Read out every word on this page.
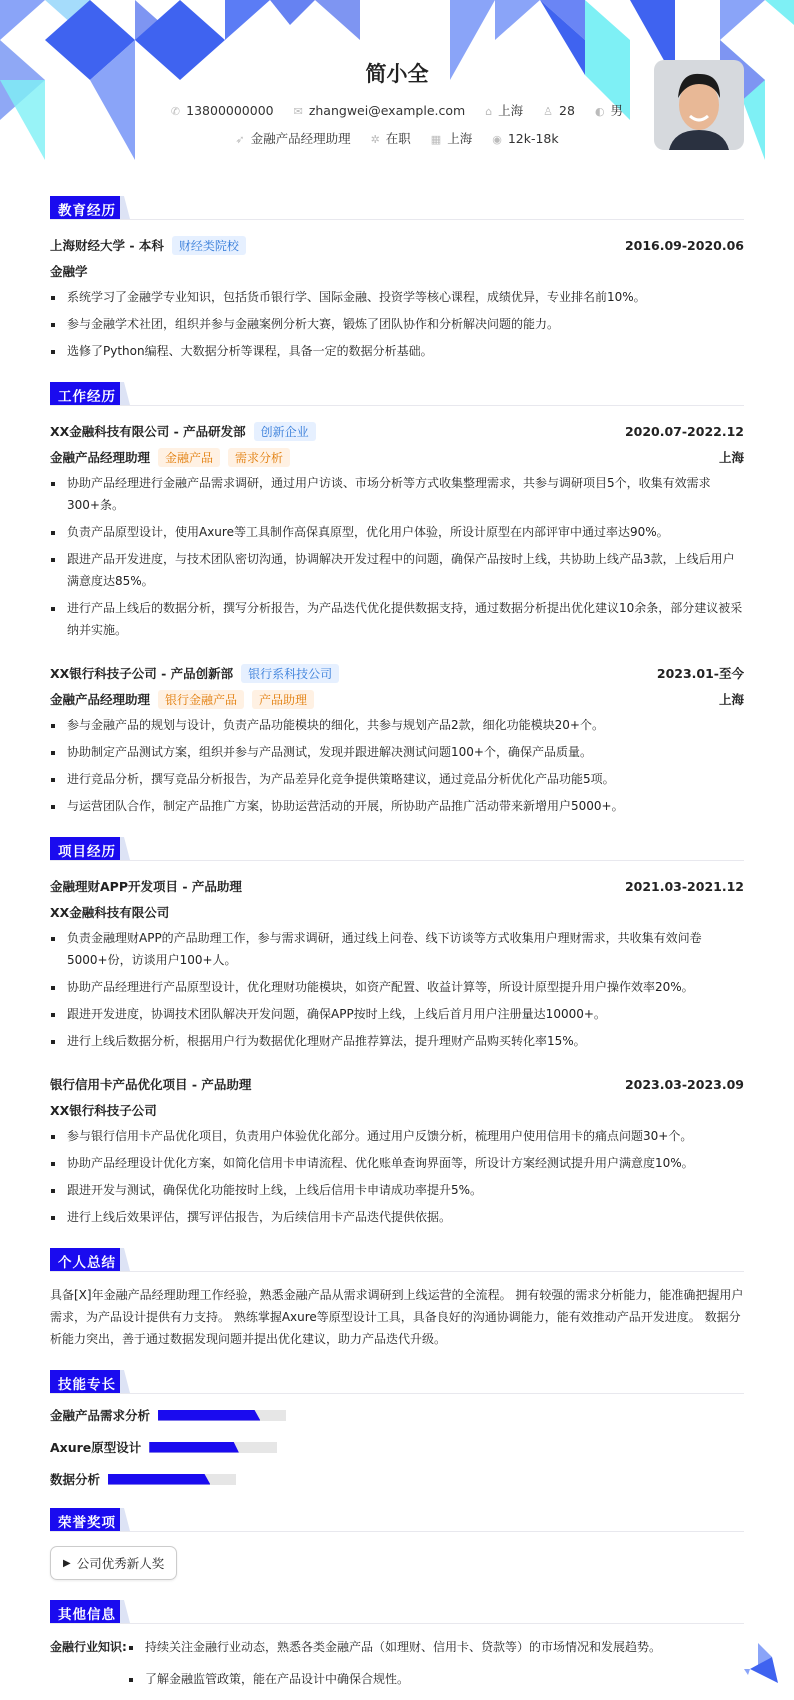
简小全
✆ 13800000000 ✉ zhangwei@example.com ⌂ 上海 ♙ 28 ◐ 男
➶ 金融产品经理助理 ✲ 在职 ▦ 上海 ◉ 12k-18k
教育经历
上海财经大学 - 本科	财经类院校	2016.09-2020.06
金融学
系统学习了金融学专业知识，包括货币银行学、国际金融、投资学等核心课程，成绩优异，专业排名前10%。
参与金融学术社团，组织并参与金融案例分析大赛，锻炼了团队协作和分析解决问题的能力。
选修了Python编程、大数据分析等课程，具备一定的数据分析基础。
工作经历
XX金融科技有限公司 - 产品研发部	创新企业	2020.07-2022.12
金融产品经理助理	金融产品	需求分析	上海
协助产品经理进行金融产品需求调研，通过用户访谈、市场分析等方式收集整理需求，共参与调研项目5个，收集有效需求300+条。
负责产品原型设计，使用Axure等工具制作高保真原型，优化用户体验，所设计原型在内部评审中通过率达90%。
跟进产品开发进度，与技术团队密切沟通，协调解决开发过程中的问题，确保产品按时上线，共协助上线产品3款，上线后用户满意度达85%。
进行产品上线后的数据分析，撰写分析报告，为产品迭代优化提供数据支持，通过数据分析提出优化建议10余条，部分建议被采纳并实施。
XX银行科技子公司 - 产品创新部	银行系科技公司	2023.01-至今
金融产品经理助理	银行金融产品	产品助理	上海
参与金融产品的规划与设计，负责产品功能模块的细化，共参与规划产品2款，细化功能模块20+个。
协助制定产品测试方案，组织并参与产品测试，发现并跟进解决测试问题100+个，确保产品质量。
进行竞品分析，撰写竞品分析报告，为产品差异化竞争提供策略建议，通过竞品分析优化产品功能5项。
与运营团队合作，制定产品推广方案，协助运营活动的开展，所协助产品推广活动带来新增用户5000+。
项目经历
金融理财APP开发项目 - 产品助理	2021.03-2021.12
XX金融科技有限公司
负责金融理财APP的产品助理工作，参与需求调研，通过线上问卷、线下访谈等方式收集用户理财需求，共收集有效问卷5000+份，访谈用户100+人。
协助产品经理进行产品原型设计，优化理财功能模块，如资产配置、收益计算等，所设计原型提升用户操作效率20%。
跟进开发进度，协调技术团队解决开发问题，确保APP按时上线，上线后首月用户注册量达10000+。
进行上线后数据分析，根据用户行为数据优化理财产品推荐算法，提升理财产品购买转化率15%。
银行信用卡产品优化项目 - 产品助理	2023.03-2023.09
XX银行科技子公司
参与银行信用卡产品优化项目，负责用户体验优化部分。通过用户反馈分析，梳理用户使用信用卡的痛点问题30+个。
协助产品经理设计优化方案，如简化信用卡申请流程、优化账单查询界面等，所设计方案经测试提升用户满意度10%。
跟进开发与测试，确保优化功能按时上线，上线后信用卡申请成功率提升5%。
进行上线后效果评估，撰写评估报告，为后续信用卡产品迭代提供依据。
个人总结

具备[X]年金融产品经理助理工作经验，熟悉金融产品从需求调研到上线运营的全流程。 拥有较强的需求分析能力，能准确把握用户需求，为产品设计提供有力支持。 熟练掌握Axure等原型设计工具，具备良好的沟通协调能力，能有效推动产品开发进度。 数据分析能力突出，善于通过数据发现问题并提出优化建议，助力产品迭代升级。

技能专长
金融产品需求分析
Axure原型设计
数据分析
荣誉奖项
▶ 公司优秀新人奖
其他信息
金融行业知识:	持续关注金融行业动态，熟悉各类金融产品（如理财、信用卡、贷款等）的市场情况和发展趋势。
了解金融监管政策，能在产品设计中确保合规性。
